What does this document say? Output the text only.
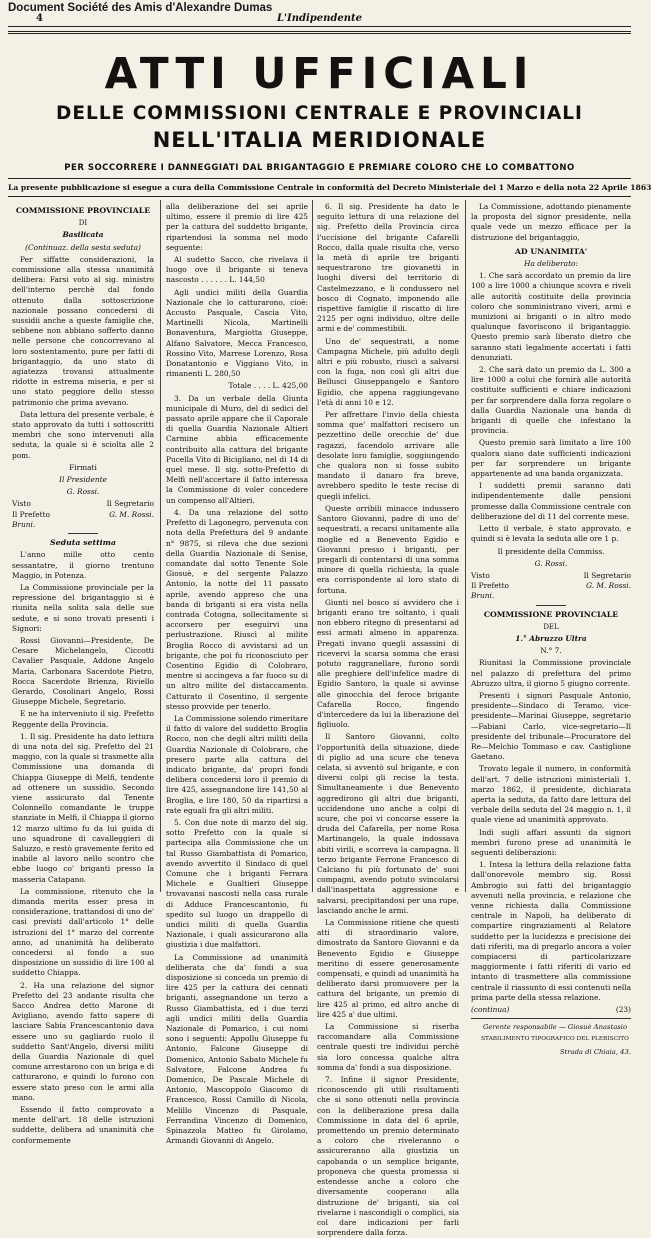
Document Société des Amis d'Alexandre Dumas
4	L'Indipendente
ATTI UFFICIALI
DELLE COMMISSIONI CENTRALE E PROVINCIALI
NELL'ITALIA MERIDIONALE
PER SOCCORRERE I DANNEGGIATI DAL BRIGANTAGGIO E PREMIARE COLORO CHE LO COMBATTONO
La presente pubblicazione si esegue a cura della Commissione Centrale in conformità del Decreto Ministeriale del 1 Marzo e della nota 22 Aprile 1863

COMMISSIONE PROVINCIALE

DI

Basilicata

(Continuaz. della sesta seduta)

Per siffatte considerazioni, la commissione alla stessa unanimità delibera: Farsi voto al sig. ministro dell'interno perchè dal fondo ottenuto dalla sottoscrizione nazionale possano concedersi di sussidii anche a queste famiglie che, sebbene non abbiano sofferto danno nelle persone che concorrevano al loro sostentamento, pure per fatti di brigantaggio, da uno stato di agiatezza trovansi attualmente ridotte in estrema miseria, e per si uno stato peggiore dello stesso patrimonio che prima avevano.

Data lettura del presente verbale, è stato approvato da tutti i sottoscritti membri che sono intervenuti alla seduta, la quale si è sciolta alle 2 pom.

Firmati

Il Presidente

G. Rossi.

Visto	Il Segretario
Il Prefetto	G. M. Rossi.
Bruni.

Seduta settima

L'anno mille otto cento sessantatre, il giorno trentuno Maggio, in Potenza.

La Commissione provinciale per la repressione del brigantaggio si è riunita nella solita sala delle sue sedute, e si sono trovati presenti i Signori:

Rossi Giovanni—Presidente, De Cesare Michelangelo, Ciccotti Cavalier Pasquale, Addone Angelo Maria, Carbonara Sacerdote Pietro, Rocca Sacerdote Brienza, Riviello Gerardo, Cosolinari Angelo, Rossi Giuseppe Michele, Segretario.

E ne ha interveniuto il sig. Prefetto Reggente della Provincia.

1. Il sig. Presidente ha dato lettura di una nota del sig. Prefetto del 21 maggio, con la quale si trasmette alla Commissione una domanda di Chiappa Giuseppe di Melfi, tendente ad ottenere un sussidio. Secondo viene assicurato dal Tenente Colonnello comandante le truppe stanziate in Melfi, il Chiappa il giorno 12 marzo ultimo fu da lui guida di uno squadrone di cavalleggieri di Saluzzo, e restò gravemente ferito ed inabile al lavoro nello scontro che ebbe luogo co' briganti presso la masseria Catapano.

La commissione, ritenuto che la dimanda merita esser presa in considerazione, trattandosi di uno de' casi previsti dall'articolo 1° delle istruzioni del 1° marzo del corrente anno, ad unanimità ha deliberato concedersi al fondo a suo disposizione un sussidio di lire 100 al suddetto Chiappa.

2. Ha una relazione del signor Prefetto del 23 andante risulta che Sacco Andrea detto Marone di Avigliano, avendo fatto sapere di lasciare Sabia Francescantonio dava essere uno su gagliardo ruolo il suddetto Sant'Angelo, diversi militi della Guardia Nazionale di quel comune arrestarono con un briga e di catturarono, e quindi lo furono con essere stato preso con le armi alla mano.

Essendo il fatto comprovato a mente dell'art. 18 delle istruzioni suddette, delibera ad unanimità che conformemente

alla deliberazione del sei aprile ultimo, essere il premio di lire 425 per la cattura del suddetto brigante, ripartendosi la somma nel modo seguente:

Al sudetto Sacco, che rivelava il luogo ove il brigante si teneva nascosto . . . . . . L. 144,50

Agli undici militi della Guardia Nazionale che lo catturarono, cioè: Accusto Pasquale, Cascia Vito, Martinelli Nicola, Martinelli Bonaventura, Margiotta Giuseppe, Alfano Salvatore, Mecca Francesco, Rossino Vito, Marrese Lorenzo, Rosa Donatantonio e Viggiano Vito, in rimanenti L. 280,50

Totale . . . . L. 425,00

3. Da un verbale della Giunta municipale di Muro, del di sedici del passato aprile appare che il Caporale di quella Guardia Nazionale Altieri Carmine abbia efficacemente contribuito alla cattura del brigante Pucella Vito di Bicigliano, nel di 14 di quel mese. Il sig. sotto-Prefetto di Melfi nell'accertare il fatto interessa la Commissione di voler concedere un compenso all'Altieri.

4. Da una relazione del sotto Prefetto di Lagonegro, pervenuta con nota della Prefettura del 9 andante n° 9875, si rileva che due sezioni della Guardia Nazionale di Senise, comandate dal sotto Tenente Sole Giosuè, e del sergente Palazzo Antonio, la notte del 11 passato aprile, avendo appreso che una banda di briganti si era vista nella contrada Cotogna, sollecitamente si accorsero per eseguirvi una perlustrazione. Riuscì al milite Broglia Rocco di avvistarsi ad un brigante, che poi fu riconosciuto per Cosentino Egidio di Colobraro, mentre si accingeva a far fuoco su di un altro milite del distaccamento. Catturato il Cosentino, il sergente stesso provvide per tenerlo.

La Commissione solendo rimeritare il fatto di valore del suddetto Broglia Rocco, non che degli altri militi della Guardia Nazionale di Colobraro, che presero parte alla cattura del indicato brigante, da' propri fondi delibera concedersi loro il premio di lire 425, assegnandone lire 141,50 al Broglia, e lire 180, 50 da ripartirsi a rate eguali fra gli altri militi.

5. Con due note di marzo del sig. sotto Prefetto con la quale si partecipa alla Commissione che un tal Russo Giambattista di Pomarico, avendo avvertito il Sindaco di quel Comune che i briganti Ferrara Michele e Gualtieri Giuseppe trovavansi nascosti nella casa rurale di Adduce Francescantonio, fu spedito sul luogo un drappello di undici militi di quella Guardia Nazionale, i quali assicurarono alla giustizia i due malfattori.

La Commissione ad unanimità deliberata che da' fondi a sua disposizione si conceda un premio di lire 425 per la cattura dei cennati briganti, assegnandone un terzo a Russo Giambattista, ed i due terzi agli undici militi della Guardia Nazionale di Pomarico, i cui nomi sono i seguenti: Appollu Giuseppe fu Antonio, Falcone Giuseppe di Domenico, Antonio Sabato Michele fu Salvatore, Falcone Andrea fu Domenico, De Pascale Michele di Antonio, Mascoppolo Giacomo di Francesco, Rossi Camillo di Nicola, Melillo Vincenzo di Pasquale, Ferrandina Vincenzo di Domenico, Spinazzola Matteo fu Girolamo, Armandi Giovanni di Angelo.

6. Il sig. Presidente ha dato le seguito lettura di una relazione del sig. Prefetto della Provincia circa l'uccisione del brigante Cafarelli Rocco, dalla quale risulta che, verso la metà di aprile tre briganti sequestrarono tre giovanetti in luoghi diversi del territorio di Castelmezzano, e li condussero nel bosco di Cognato, imponendo alle rispettive famiglie il riscatto di lire 2125 per ogni individuo, oltre delle armi e de' commestibili.

Uno de' sequestrati, a nome Campagna Michele, più adulto degli altri e più robusto, riuscì a salvarsi con la fuga, non così gli altri due Bellusci Giuseppangelo e Santoro Egidio, che appena raggiungevano l'età di anni 10 e 12.

Per affrettare l'invio della chiesta somma que' malfattori recisero un pezzettino delle orecchie de' due ragazzi, facendolo arrivare alle desolate loro famiglie, soggiungendo che qualora non si fosse subito mandato il danaro fra breve, avrebbero spedito le teste recise di quegli infelici.

Queste orribili minacce indussero Santoro Giovanni, padre di uno de' sequestrati, a recarsi unitamente alla moglie ed a Benevento Egidio e Giovanni presso i briganti, per pregarli di contentarsi di una somma minore di quella richiesta, la quale era corrispondente al loro stato di fortuna.

Giunti nel bosco si avvidero che i briganti erano tre soltanto, i quali non ebbero ritegno di presentarsi ad essi armati almeno in apparenza. Pregati invano quegli assassini di ricevervi la scarsa somma che erasi potuto raggranellare, furono sordi alle preghiere dell'infelice madre di Egidio Santoro, la quale si avvinse alle ginocchia del feroce brigante Cafarella Rocco, fingendo d'intercedere da lui la liberazione del figliuolo.

Il Santoro Giovanni, colto l'opportunità della situazione, diede di piglio ad una scure che teneva celata, si avventò sul brigante, e con diversi colpi gli recise la testa. Simultaneamente i due Benevento aggredirono gli altri due briganti, uccidendone uno anche a colpi di scure, che poi vi concorse essere la druda del Cafarella, per nome Rosa Martinangelo, la quale indossava abiti virili, e scorreva la campagna. Il terzo brigante Ferrone Francesco di Calciano fu più fortunato de' suoi compagni, avendo potuto svincolarsi dall'inaspettata aggressione e salvarsi, precipitandosi per una rupe, lasciando anche le armi.

La Commissione ritiene che questi atti di straordinario valore, dimostrato da Santoro Giovanni e da Benevento Egidio e Giuseppe meritino di essere generosamente compensati, e quindi ad unanimità ha deliberato darsi promuovere per la cattura del brigante, un premio di lire 425 al primo, ed altro anche di lire 425 a' due ultimi.

La Commissione si riserba raccomandare alla Commissione centrale questi tre individui perchè sia loro concessa qualche altra somma da' fondi a sua disposizione.

7. Infine il signor Presidente, riconoscendo gli utili risultamenti che si sono ottenuti nella provincia con la deliberazione presa dalla Commissione in data del 6 aprile, promettendo un premio determinato a coloro che riveleranno o assicureranno alla giustizia un capobanda o un semplice brigante, proponeva che questa promessa si estendesse anche a coloro che diversamente cooperano alla distruzione de' briganti, sia col rivelarne i nascondigli o complici, sia col dare indicazioni per farli sorprendere dalla forza.

La Commissione, adottando pienamente la proposta del signor presidente, nella quale vede un mezzo efficace per la distruzione del brigantaggio,

AD UNANIMITA'

Ha deliberato:

1. Che sarà accordato un premio da lire 100 a lire 1000 a chiunque scovra e riveli alle autorità costituite della provincia coloro che somministrano viveri, armi e munizioni ai briganti o in altro modo qualunque favoriscono il brigantaggio. Questo premio sarà liberato dietro che saranno stati legalmente accertati i fatti denunziati.

2. Che sarà dato un premio da L. 300 a lire 1000 a colui che fornirà alle autorità costituite sufficienti e chiare indicazioni per far sorprendere dalla forza regolare o dalla Guardia Nazionale una banda di briganti di quelle che infestano la provincia.

Questo premio sarà limitato a lire 100 qualora siano date sufficienti indicazioni per far sorprendere un brigante appartenente ad una banda organizzata.

I suddetti premii saranno dati indipendentemente dalle pensioni promesse dalla Commissione centrale con deliberazione del di 11 del corrente mese.

Letto il verbale, è stato approvato, e quindi si è levata la seduta alle ore 1 p.

Il presidente della Commiss.

G. Rossi.

Visto	Il Segretario
Il Prefetto	G. M. Rossi.
Bruni.

COMMISSIONE PROVINCIALE

DEL

1.° Abruzzo Ultra

N.° 7.

Riunitasi la Commissione provinciale nel palazzo di prefettura del primo Abruzzo ultra, il giorno 5 giugno corrente.

Presenti i signori Pasquale Antonio, presidente—Sindaco di Teramo, vice-presidente—Marinai Giuseppe, segretario—Fabiani Carlo, vice-segretario—Il presidente del tribunale—Procuratore del Re—Melchio Tommaso e cav. Castiglione Gaetano.

Trovato legale il numero, in conformità dell'art. 7 delle istruzioni ministeriali 1. marzo 1862, il presidente, dichiarata aperta la seduta, da fatto dare lettura del verbale della seduta del 24 maggio n. 1, il quale viene ad unanimità approvato.

Indi sugli affari assunti da signori membri furono prese ad unanimità le seguenti deliberazioni:

1. Intesa la lettura della relazione fatta dall'onorevole membro sig. Rossi Ambrogio sui fatti del brigantaggio avvenuti nella provincia, e relazione che venne richiesta dalla Commissione centrale in Napoli, ha deliberato di compartire ringraziamenti al Relatore suddetto per la lucidezza e precisione dei dati riferiti, ma di pregarlo ancora a voler compiacersi di particolarizzare maggiormente i fatti riferiti di vario ed intanto di trasmettere alla commissione centrale il riassunto di essi contenuti nella prima parte della stessa relazione.

(continua)	(23)

Gerente responsabile — Giosuè Anastasio

STABILIMENTO TIPOGRAFICO DEL PLEBISCITO

Strada di Chiaia, 43.
